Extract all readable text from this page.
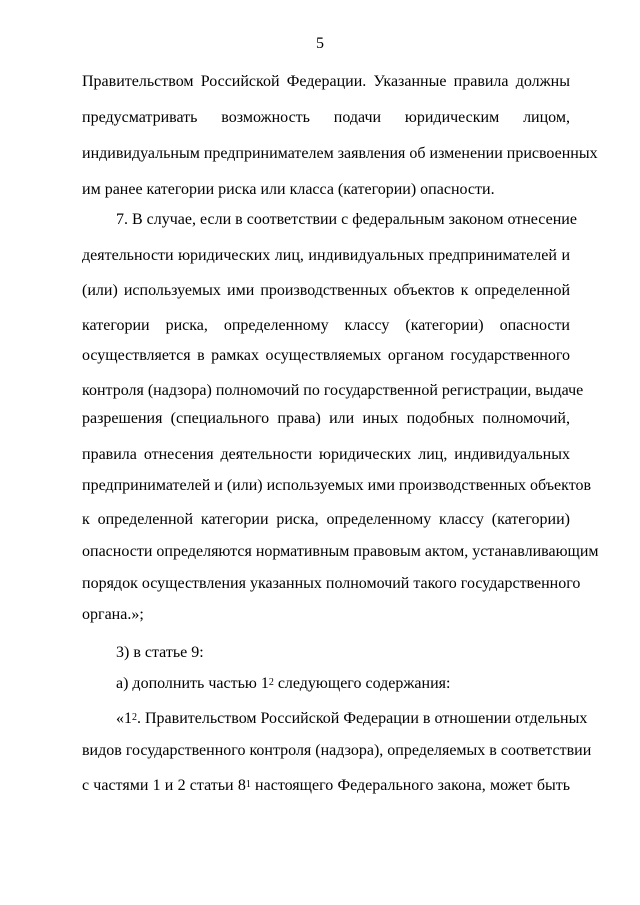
5
Правительством Российской Федерации. Указанные правила должны
предусматривать возможность подачи юридическим лицом,
индивидуальным предпринимателем заявления об изменении присвоенных
им ранее категории риска или класса (категории) опасности.
7. В случае, если в соответствии с федеральным законом отнесение
деятельности юридических лиц, индивидуальных предпринимателей и
(или) используемых ими производственных объектов к определенной
категории риска, определенному классу (категории) опасности
осуществляется в рамках осуществляемых органом государственного
контроля (надзора) полномочий по государственной регистрации, выдаче
разрешения (специального права) или иных подобных полномочий,
правила отнесения деятельности юридических лиц, индивидуальных
предпринимателей и (или) используемых ими производственных объектов
к определенной категории риска, определенному классу (категории)
опасности определяются нормативным правовым актом, устанавливающим
порядок осуществления указанных полномочий такого государственного
органа.»;
3) в статье 9:
а) дополнить частью $1^2$ следующего содержания:
«$1^2$. Правительством Российской Федерации в отношении отдельных
видов государственного контроля (надзора), определяемых в соответствии
с частями 1 и 2 статьи $8^1$ настоящего Федерального закона, может быть
